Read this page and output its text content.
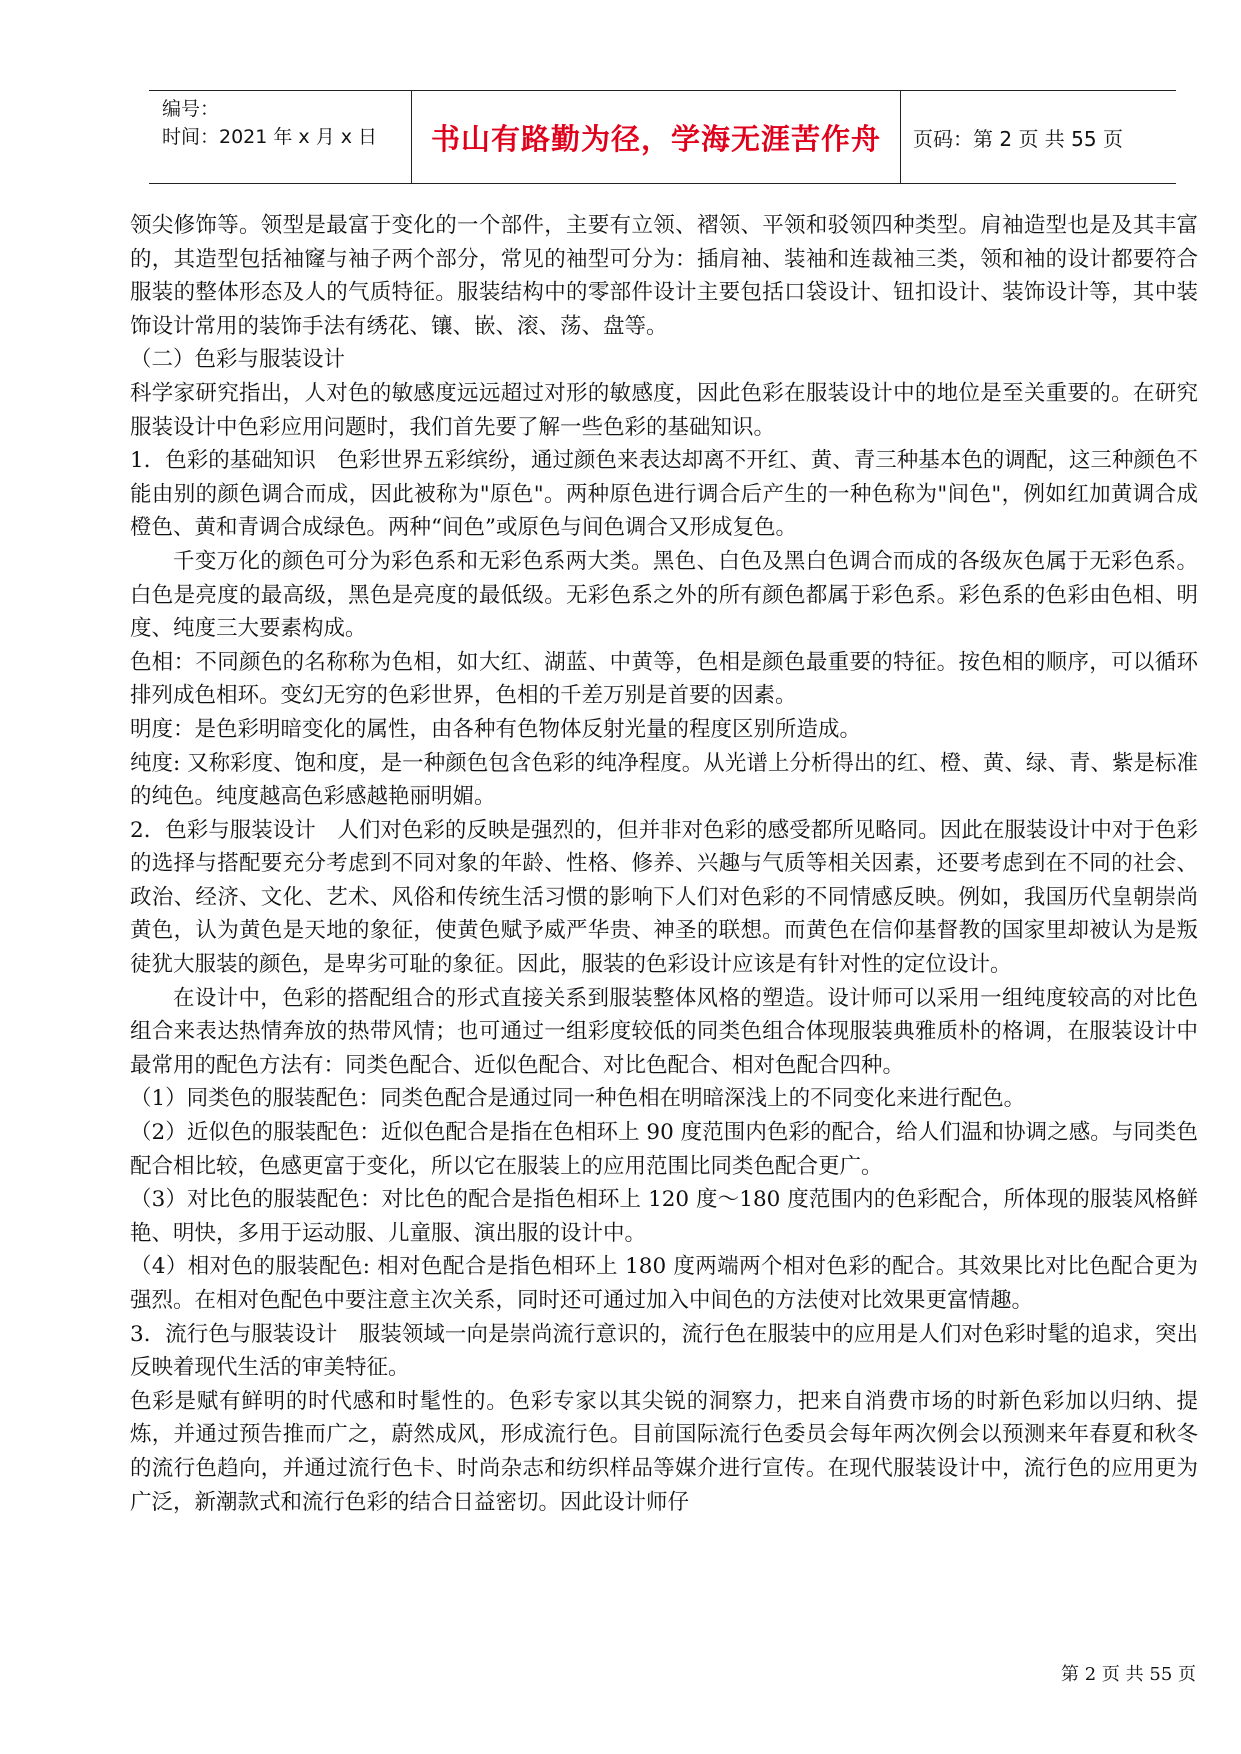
编号：
时间：2021 年 x 月 x 日	书山有路勤为径，学海无涯苦作舟	页码：第 2 页 共 55 页

领尖修饰等。领型是最富于变化的一个部件，主要有立领、褶领、平领和驳领四种类型。肩袖造型也是及其丰富的，其造型包括袖窿与袖子两个部分，常见的袖型可分为：插肩袖、装袖和连裁袖三类，领和袖的设计都要符合服装的整体形态及人的气质特征。服装结构中的零部件设计主要包括口袋设计、钮扣设计、装饰设计等，其中装饰设计常用的装饰手法有绣花、镶、嵌、滚、荡、盘等。

（二）色彩与服装设计

科学家研究指出，人对色的敏感度远远超过对形的敏感度，因此色彩在服装设计中的地位是至关重要的。在研究服装设计中色彩应用问题时，我们首先要了解一些色彩的基础知识。

1．色彩的基础知识　色彩世界五彩缤纷，通过颜色来表达却离不开红、黄、青三种基本色的调配，这三种颜色不能由别的颜色调合而成，因此被称为"原色"。两种原色进行调合后产生的一种色称为"间色"，例如红加黄调合成橙色、黄和青调合成绿色。两种“间色”或原色与间色调合又形成复色。

千变万化的颜色可分为彩色系和无彩色系两大类。黑色、白色及黑白色调合而成的各级灰色属于无彩色系。白色是亮度的最高级，黑色是亮度的最低级。无彩色系之外的所有颜色都属于彩色系。彩色系的色彩由色相、明度、纯度三大要素构成。

色相：不同颜色的名称称为色相，如大红、湖蓝、中黄等，色相是颜色最重要的特征。按色相的顺序，可以循环排列成色相环。变幻无穷的色彩世界，色相的千差万别是首要的因素。

明度：是色彩明暗变化的属性，由各种有色物体反射光量的程度区别所造成。

纯度: 又称彩度、饱和度，是一种颜色包含色彩的纯净程度。从光谱上分析得出的红、橙、黄、绿、青、紫是标准的纯色。纯度越高色彩感越艳丽明媚。

2．色彩与服装设计　人们对色彩的反映是强烈的，但并非对色彩的感受都所见略同。因此在服装设计中对于色彩的选择与搭配要充分考虑到不同对象的年龄、性格、修养、兴趣与气质等相关因素，还要考虑到在不同的社会、政治、经济、文化、艺术、风俗和传统生活习惯的影响下人们对色彩的不同情感反映。例如，我国历代皇朝崇尚黄色，认为黄色是天地的象征，使黄色赋予威严华贵、神圣的联想。而黄色在信仰基督教的国家里却被认为是叛徒犹大服装的颜色，是卑劣可耻的象征。因此，服装的色彩设计应该是有针对性的定位设计。

在设计中，色彩的搭配组合的形式直接关系到服装整体风格的塑造。设计师可以采用一组纯度较高的对比色组合来表达热情奔放的热带风情；也可通过一组彩度较低的同类色组合体现服装典雅质朴的格调，在服装设计中最常用的配色方法有：同类色配合、近似色配合、对比色配合、相对色配合四种。

（1）同类色的服装配色：同类色配合是通过同一种色相在明暗深浅上的不同变化来进行配色。

（2）近似色的服装配色：近似色配合是指在色相环上 90 度范围内色彩的配合，给人们温和协调之感。与同类色配合相比较，色感更富于变化，所以它在服装上的应用范围比同类色配合更广。

（3）对比色的服装配色：对比色的配合是指色相环上 120 度～180 度范围内的色彩配合，所体现的服装风格鲜艳、明快，多用于运动服、儿童服、演出服的设计中。

（4）相对色的服装配色: 相对色配合是指色相环上 180 度两端两个相对色彩的配合。其效果比对比色配合更为强烈。在相对色配色中要注意主次关系，同时还可通过加入中间色的方法使对比效果更富情趣。

3．流行色与服装设计　服装领域一向是崇尚流行意识的，流行色在服装中的应用是人们对色彩时髦的追求，突出反映着现代生活的审美特征。

色彩是赋有鲜明的时代感和时髦性的。色彩专家以其尖锐的洞察力，把来自消费市场的时新色彩加以归纳、提炼，并通过预告推而广之，蔚然成风，形成流行色。目前国际流行色委员会每年两次例会以预测来年春夏和秋冬的流行色趋向，并通过流行色卡、时尚杂志和纺织样品等媒介进行宣传。在现代服装设计中，流行色的应用更为广泛，新潮款式和流行色彩的结合日益密切。因此设计师仔

第 2 页 共 55 页
